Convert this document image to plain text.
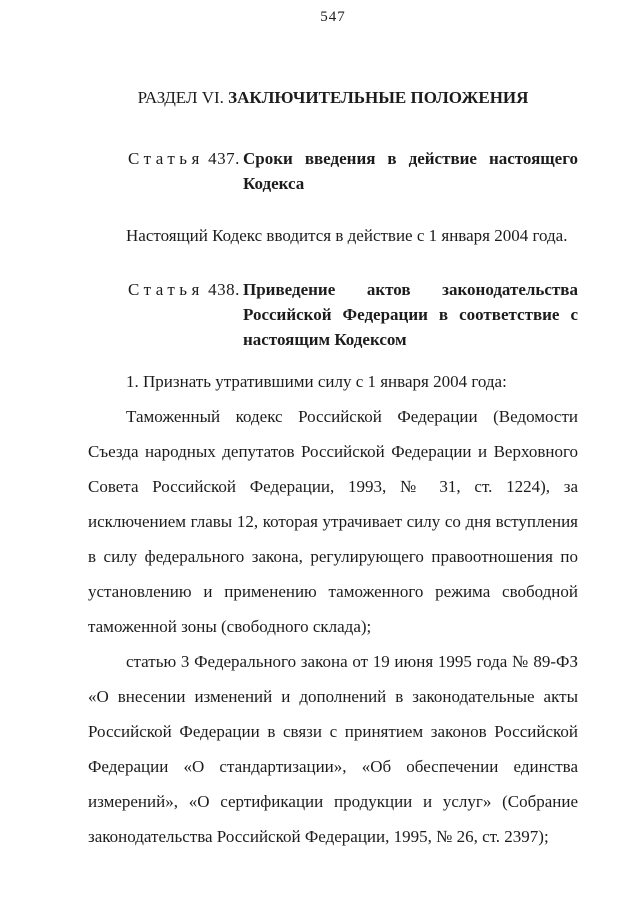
547
РАЗДЕЛ VI. ЗАКЛЮЧИТЕЛЬНЫЕ ПОЛОЖЕНИЯ
Статья 437. Сроки введения в действие настоящего Кодекса

Настоящий Кодекс вводится в действие с 1 января 2004 года.

Статья 438. Приведение актов законодательства Российской Федерации в соответствие с настоящим Кодексом

1. Признать утратившими силу с 1 января 2004 года:

Таможенный кодекс Российской Федерации (Ведомости Съезда народных депутатов Российской Федерации и Верховного Совета Российской Федерации, 1993, № 31, ст. 1224), за исключением главы 12, которая утрачивает силу со дня вступления в силу федерального закона, регулирующего правоотношения по установлению и применению таможенного режима свободной таможенной зоны (свободного склада);

статью 3 Федерального закона от 19 июня 1995 года № 89-ФЗ «О внесении изменений и дополнений в законодательные акты Российской Федерации в связи с принятием законов Российской Федерации «О стандартизации», «Об обеспечении единства измерений», «О сертификации продукции и услуг» (Собрание законодательства Российской Федерации, 1995, № 26, ст. 2397);
